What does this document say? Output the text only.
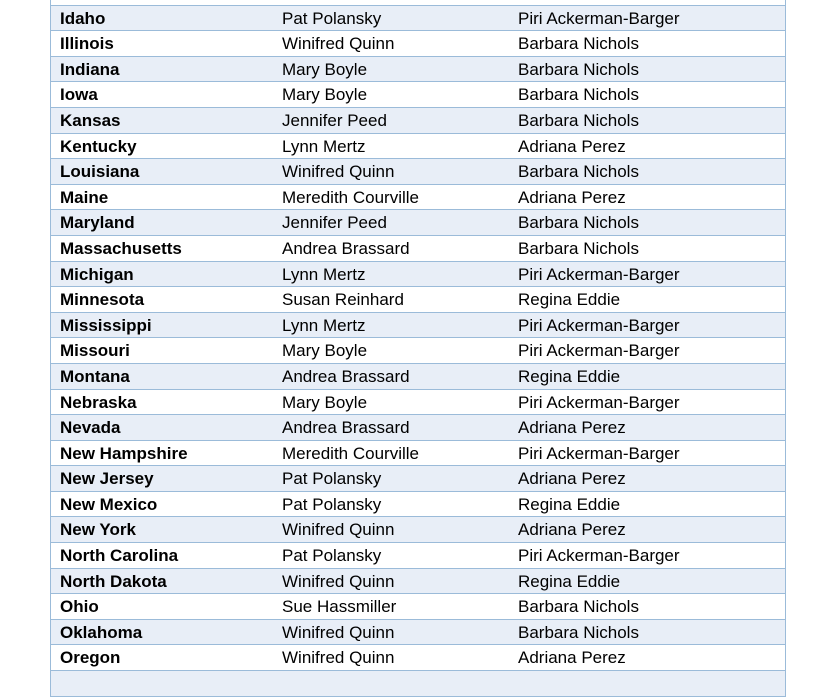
Idaho	Pat Polansky	Piri Ackerman-Barger
Illinois	Winifred Quinn	Barbara Nichols
Indiana	Mary Boyle	Barbara Nichols
Iowa	Mary Boyle	Barbara Nichols
Kansas	Jennifer Peed	Barbara Nichols
Kentucky	Lynn Mertz	Adriana Perez
Louisiana	Winifred Quinn	Barbara Nichols
Maine	Meredith Courville	Adriana Perez
Maryland	Jennifer Peed	Barbara Nichols
Massachusetts	Andrea Brassard	Barbara Nichols
Michigan	Lynn Mertz	Piri Ackerman-Barger
Minnesota	Susan Reinhard	Regina Eddie
Mississippi	Lynn Mertz	Piri Ackerman-Barger
Missouri	Mary Boyle	Piri Ackerman-Barger
Montana	Andrea Brassard	Regina Eddie
Nebraska	Mary Boyle	Piri Ackerman-Barger
Nevada	Andrea Brassard	Adriana Perez
New Hampshire	Meredith Courville	Piri Ackerman-Barger
New Jersey	Pat Polansky	Adriana Perez
New Mexico	Pat Polansky	Regina Eddie
New York	Winifred Quinn	Adriana Perez
North Carolina	Pat Polansky	Piri Ackerman-Barger
North Dakota	Winifred Quinn	Regina Eddie
Ohio	Sue Hassmiller	Barbara Nichols
Oklahoma	Winifred Quinn	Barbara Nichols
Oregon	Winifred Quinn	Adriana Perez
